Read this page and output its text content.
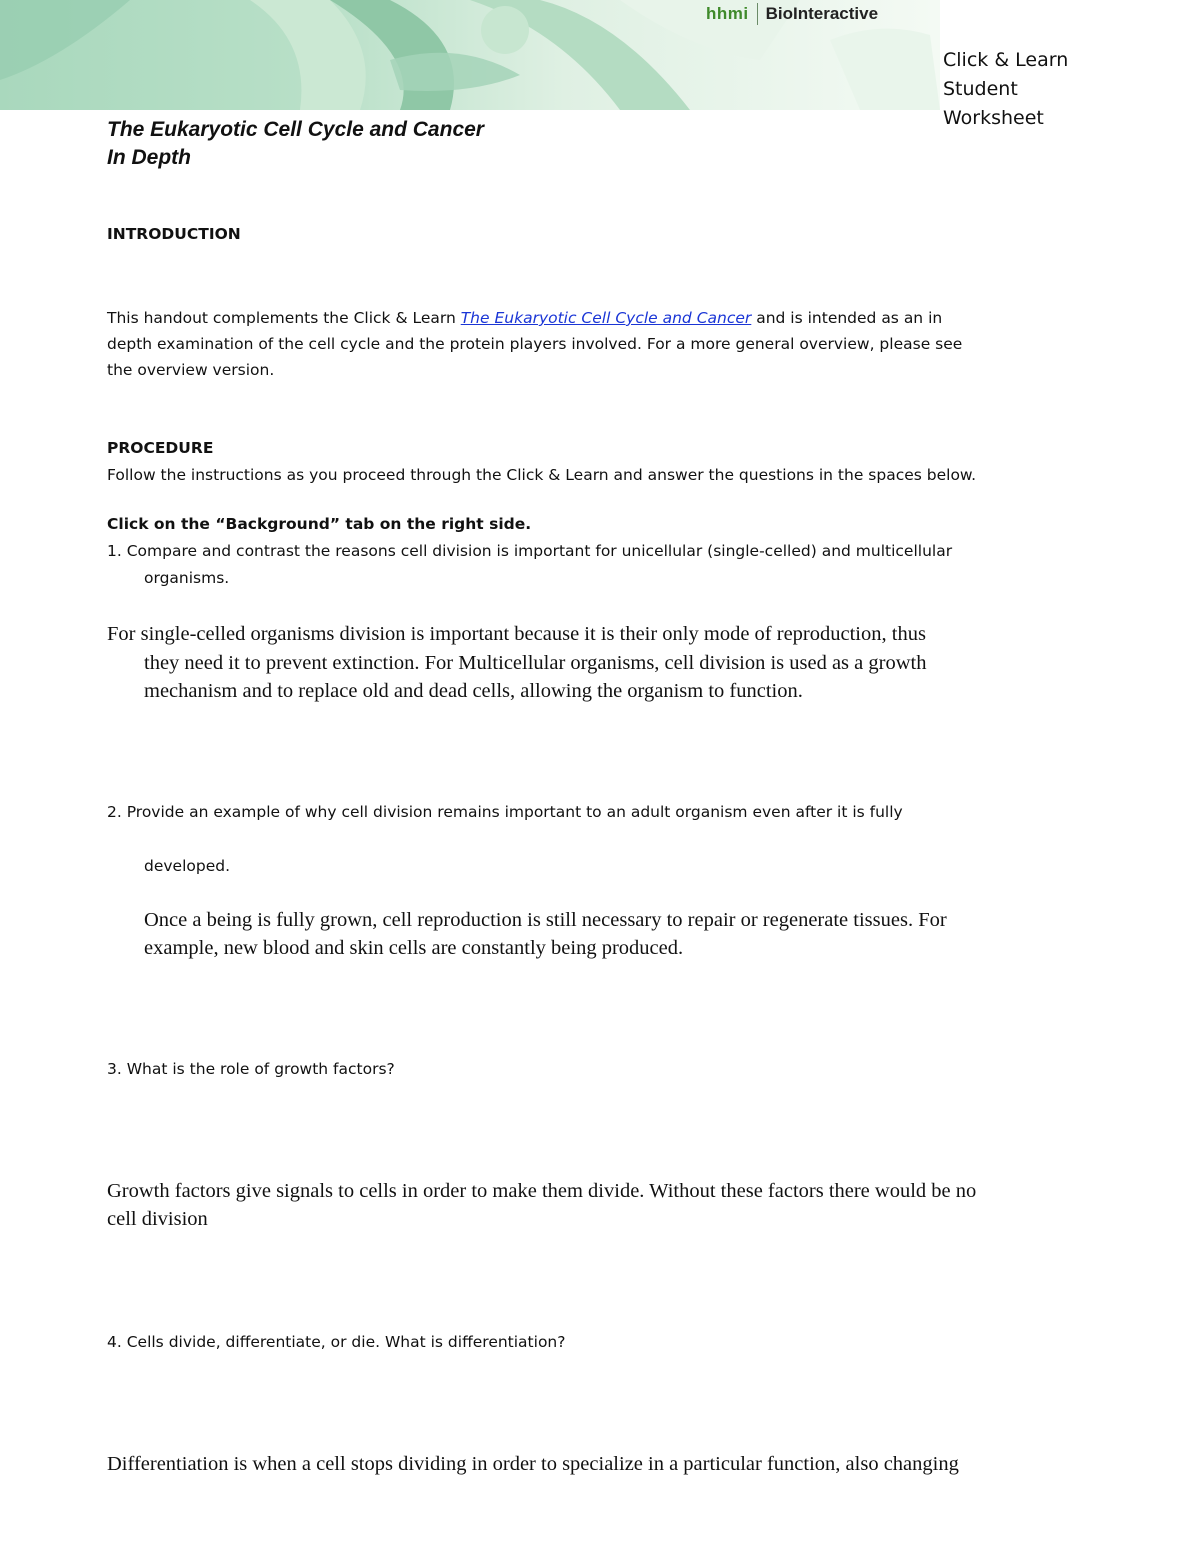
hhmi BioInteractive
Click & Learn
Student
Worksheet
The Eukaryotic Cell Cycle and Cancer
In Depth
INTRODUCTION
This handout complements the Click & Learn The Eukaryotic Cell Cycle and Cancer and is intended as an in
depth examination of the cell cycle and the protein players involved. For a more general overview, please see
the overview version.
PROCEDURE
Follow the instructions as you proceed through the Click & Learn and answer the questions in the spaces below.
Click on the “Background” tab on the right side.
1. Compare and contrast the reasons cell division is important for unicellular (single-celled) and multicellular
organisms.
For single-celled organisms division is important because it is their only mode of reproduction, thus
they need it to prevent extinction. For Multicellular organisms, cell division is used as a growth
mechanism and to replace old and dead cells, allowing the organism to function.
2. Provide an example of why cell division remains important to an adult organism even after it is fully
developed.
Once a being is fully grown, cell reproduction is still necessary to repair or regenerate tissues. For
example, new blood and skin cells are constantly being produced.
3. What is the role of growth factors?
Growth factors give signals to cells in order to make them divide. Without these factors there would be no
cell division
4. Cells divide, differentiate, or die. What is differentiation?
Differentiation is when a cell stops dividing in order to specialize in a particular function, also changing
